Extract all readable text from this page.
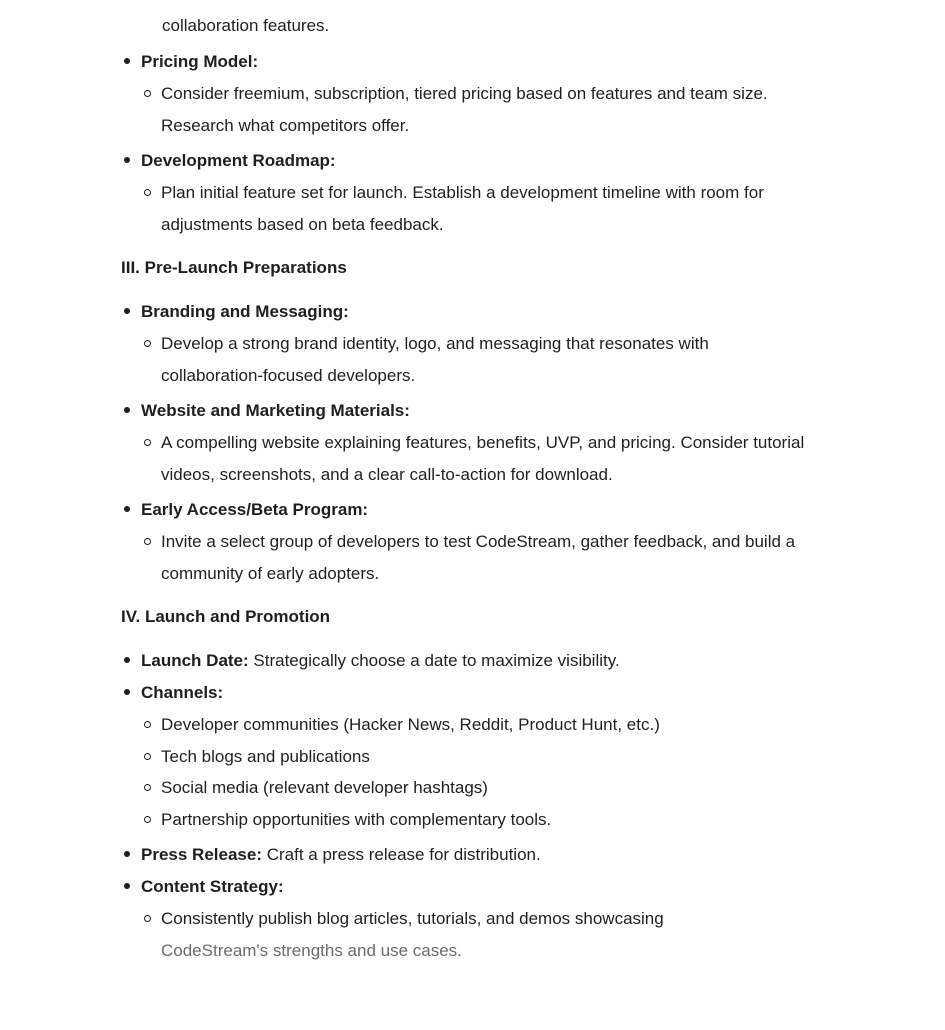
collaboration features.

Pricing Model:
Consider freemium, subscription, tiered pricing based on features and team size. Research what competitors offer.
Development Roadmap:
Plan initial feature set for launch. Establish a development timeline with room for adjustments based on beta feedback.
III. Pre-Launch Preparations
Branding and Messaging:
Develop a strong brand identity, logo, and messaging that resonates with collaboration-focused developers.
Website and Marketing Materials:
A compelling website explaining features, benefits, UVP, and pricing. Consider tutorial videos, screenshots, and a clear call-to-action for download.
Early Access/Beta Program:
Invite a select group of developers to test CodeStream, gather feedback, and build a community of early adopters.
IV. Launch and Promotion
Launch Date: Strategically choose a date to maximize visibility.
Channels:
Developer communities (Hacker News, Reddit, Product Hunt, etc.)
Tech blogs and publications
Social media (relevant developer hashtags)
Partnership opportunities with complementary tools.
Press Release: Craft a press release for distribution.
Content Strategy:
Consistently publish blog articles, tutorials, and demos showcasing
CodeStream's strengths and use cases.
